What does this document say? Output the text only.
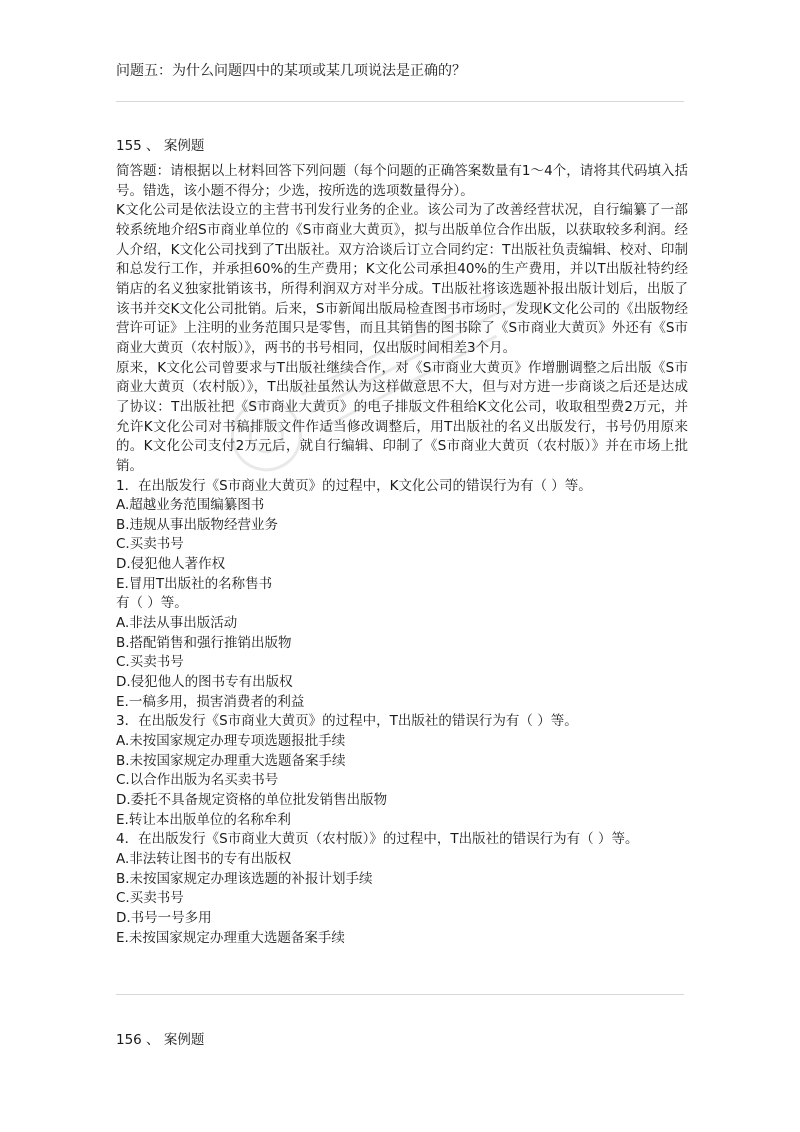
问题五：为什么问题四中的某项或某几项说法是正确的？
155 、 案例题

简答题：请根据以上材料回答下列问题（每个问题的正确答案数量有1～4个，请将其代码填入括号。错选，该小题不得分；少选，按所选的选项数量得分）。

K文化公司是依法设立的主营书刊发行业务的企业。该公司为了改善经营状况，自行编纂了一部较系统地介绍S市商业单位的《S市商业大黄页》，拟与出版单位合作出版，以获取较多利润。经人介绍，K文化公司找到了T出版社。双方洽谈后订立合同约定：T出版社负责编辑、校对、印制和总发行工作，并承担60%的生产费用；K文化公司承担40%的生产费用，并以T出版社特约经销店的名义独家批销该书，所得利润双方对半分成。T出版社将该选题补报出版计划后，出版了该书并交K文化公司批销。后来，S市新闻出版局检查图书市场时，发现K文化公司的《出版物经营许可证》上注明的业务范围只是零售，而且其销售的图书除了《S市商业大黄页》外还有《S市商业大黄页（农村版）》，两书的书号相同，仅出版时间相差3个月。

原来，K文化公司曾要求与T出版社继续合作，对《S市商业大黄页》作增删调整之后出版《S市商业大黄页（农村版）》，T出版社虽然认为这样做意思不大，但与对方进一步商谈之后还是达成了协议：T出版社把《S市商业大黄页》的电子排版文件租给K文化公司，收取租型费2万元，并允许K文化公司对书稿排版文件作适当修改调整后，用T出版社的名义出版发行，书号仍用原来的。K文化公司支付2万元后，就自行编辑、印制了《S市商业大黄页（农村版）》并在市场上批销。

1．在出版发行《S市商业大黄页》的过程中，K文化公司的错误行为有（ ）等。
A.超越业务范围编纂图书
B.违规从事出版物经营业务
C.买卖书号
D.侵犯他人著作权
E.冒用T出版社的名称售书
有（ ）等。
A.非法从事出版活动
B.搭配销售和强行推销出版物
C.买卖书号
D.侵犯他人的图书专有出版权
E.一稿多用，损害消费者的利益
3．在出版发行《S市商业大黄页》的过程中，T出版社的错误行为有（ ）等。
A.未按国家规定办理专项选题报批手续
B.未按国家规定办理重大选题备案手续
C.以合作出版为名买卖书号
D.委托不具备规定资格的单位批发销售出版物
E.转让本出版单位的名称牟利
4．在出版发行《S市商业大黄页（农村版）》的过程中，T出版社的错误行为有（ ）等。
A.非法转让图书的专有出版权
B.未按国家规定办理该选题的补报计划手续
C.买卖书号
D.书号一号多用
E.未按国家规定办理重大选题备案手续
156 、 案例题
